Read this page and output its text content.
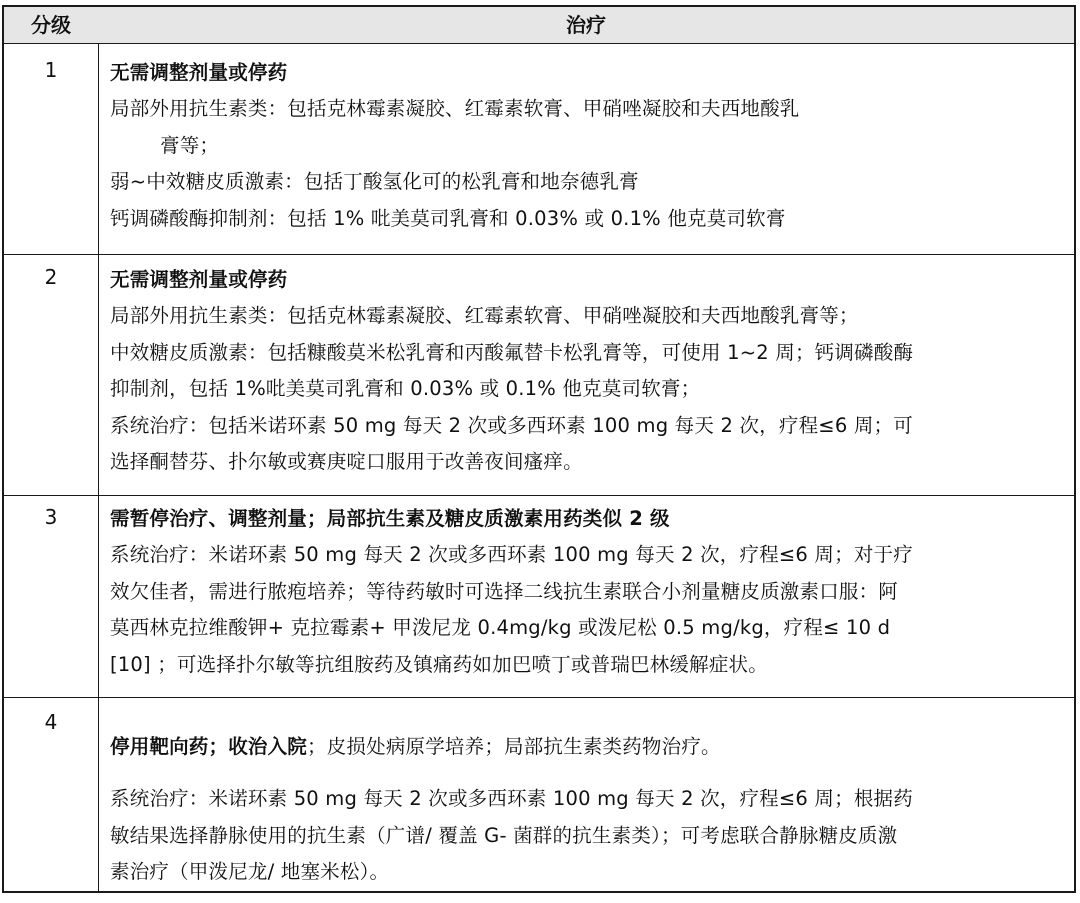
分级	治疗
1	无需调整剂量或停药
局部外用抗生素类：包括克林霉素凝胶、红霉素软膏、甲硝唑凝胶和夫西地酸乳
膏等；
弱~中效糖皮质激素：包括丁酸氢化可的松乳膏和地奈德乳膏
钙调磷酸酶抑制剂：包括 1% 吡美莫司乳膏和 0.03% 或 0.1% 他克莫司软膏
2	无需调整剂量或停药
局部外用抗生素类：包括克林霉素凝胶、红霉素软膏、甲硝唑凝胶和夫西地酸乳膏等；
中效糖皮质激素：包括糠酸莫米松乳膏和丙酸氟替卡松乳膏等，可使用 1~2 周；钙调磷酸酶
抑制剂，包括 1%吡美莫司乳膏和 0.03% 或 0.1% 他克莫司软膏；
系统治疗：包括米诺环素 50 mg 每天 2 次或多西环素 100 mg 每天 2 次，疗程≤6 周；可
选择酮替芬、扑尔敏或赛庚啶口服用于改善夜间瘙痒。
3	需暂停治疗、调整剂量；局部抗生素及糖皮质激素用药类似 2 级
系统治疗：米诺环素 50 mg 每天 2 次或多西环素 100 mg 每天 2 次，疗程≤6 周；对于疗
效欠佳者，需进行脓疱培养；等待药敏时可选择二线抗生素联合小剂量糖皮质激素口服：阿
莫西林克拉维酸钾+ 克拉霉素+ 甲泼尼龙 0.4mg/kg 或泼尼松 0.5 mg/kg，疗程≤ 10 d
[10] ；可选择扑尔敏等抗组胺药及镇痛药如加巴喷丁或普瑞巴林缓解症状。
4
停用靶向药；收治入院；皮损处病原学培养；局部抗生素类药物治疗。
系统治疗：米诺环素 50 mg 每天 2 次或多西环素 100 mg 每天 2 次，疗程≤6 周；根据药
敏结果选择静脉使用的抗生素（广谱/ 覆盖 G- 菌群的抗生素类）；可考虑联合静脉糖皮质激
素治疗（甲泼尼龙/ 地塞米松）。
